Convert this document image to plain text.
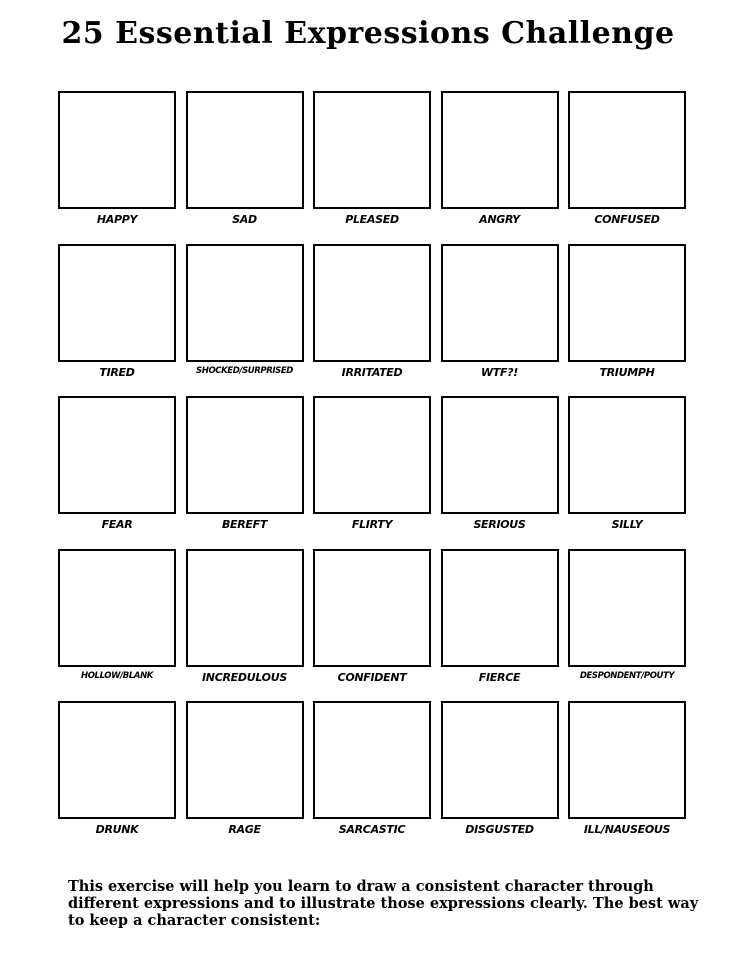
25 Essential Expressions Challenge
HAPPY	SAD	PLEASED	ANGRY	CONFUSED
TIRED	SHOCKED/SURPRISED	IRRITATED	WTF?!	TRIUMPH
FEAR	BEREFT	FLIRTY	SERIOUS	SILLY
HOLLOW/BLANK	INCREDULOUS	CONFIDENT	FIERCE	DESPONDENT/POUTY
DRUNK	RAGE	SARCASTIC	DISGUSTED	ILL/NAUSEOUS

This exercise will help you learn to draw a consistent character through different expressions and to illustrate those expressions clearly. The best way to keep a character consistent:
